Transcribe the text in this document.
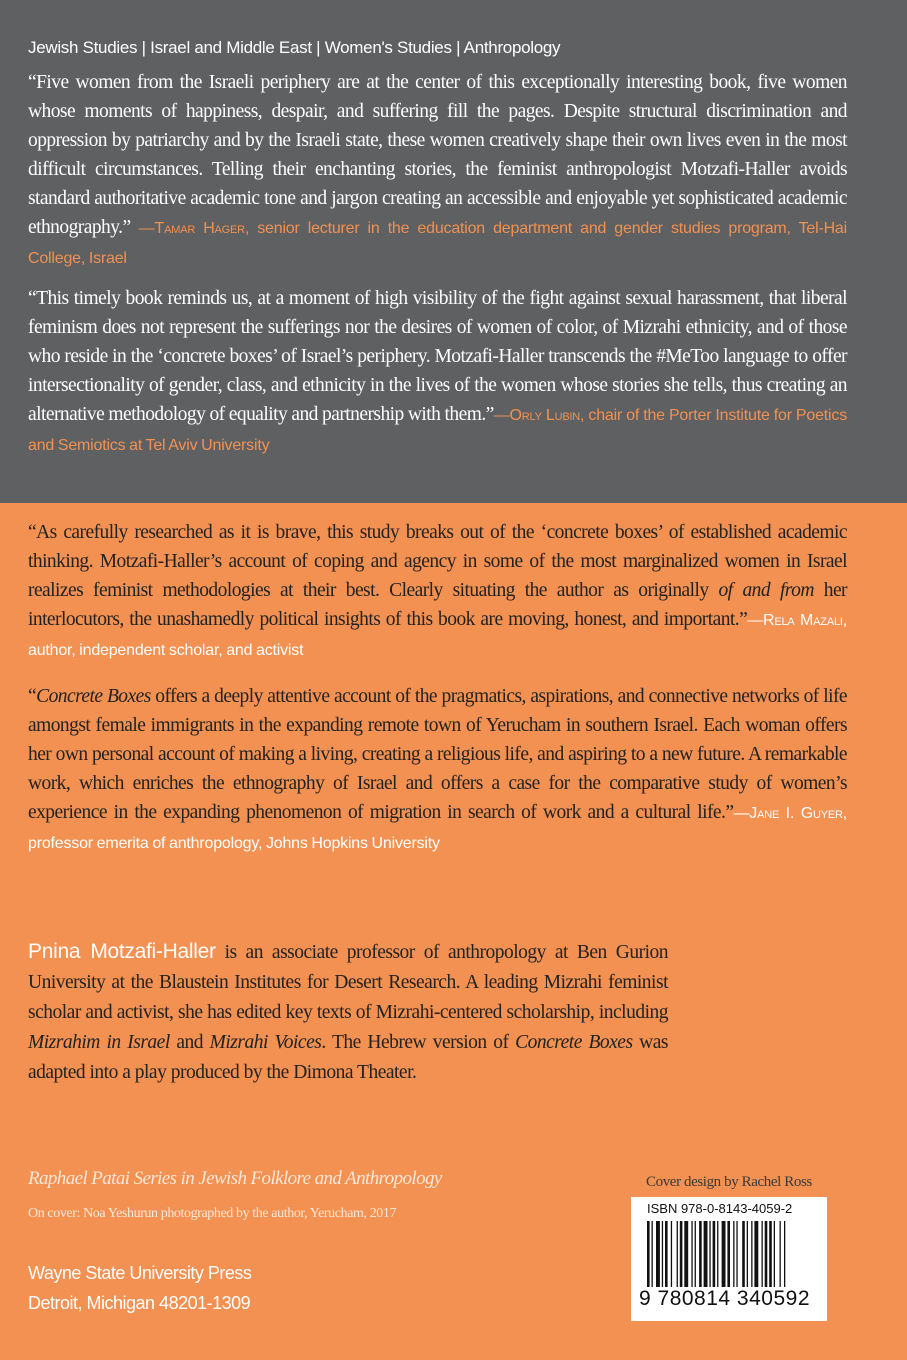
Jewish Studies | Israel and Middle East | Women's Studies | Anthropology
“Five women from the Israeli periphery are at the center of this exceptionally interesting book, five women whose moments of happiness, despair, and suffering fill the pages. Despite structural discrimination and oppression by patriarchy and by the Israeli state, these women creatively shape their own lives even in the most difficult circumstances. Telling their enchanting stories, the feminist anthropologist Motzafi-Haller avoids standard authoritative academic tone and jargon creating an accessible and enjoyable yet sophisticated academic ethnography.” —Tamar Hager, senior lecturer in the education department and gender studies program, Tel-Hai College, Israel
“This timely book reminds us, at a moment of high visibility of the fight against sexual harassment, that liberal feminism does not represent the sufferings nor the desires of women of color, of Mizrahi ethnicity, and of those who reside in the ‘concrete boxes’ of Israel’s periphery. Motzafi-Haller transcends the #MeToo language to offer intersectionality of gender, class, and ethnicity in the lives of the women whose stories she tells, thus creating an alternative methodology of equality and partnership with them.”—Orly Lubin, chair of the Porter Institute for Poetics and Semiotics at Tel Aviv University
“As carefully researched as it is brave, this study breaks out of the ‘concrete boxes’ of established academic thinking. Motzafi-Haller’s account of coping and agency in some of the most marginalized women in Israel realizes feminist methodologies at their best. Clearly situating the author as originally of and from her interlocutors, the unashamedly political insights of this book are moving, honest, and important.”—Rela Mazali, author, independent scholar, and activist
“Concrete Boxes offers a deeply attentive account of the pragmatics, aspirations, and connective networks of life amongst female immigrants in the expanding remote town of Yerucham in southern Israel. Each woman offers her own personal account of making a living, creating a religious life, and aspiring to a new future. A remarkable work, which enriches the ethnography of Israel and offers a case for the comparative study of women’s experience in the expanding phenomenon of migration in search of work and a cultural life.”—Jane I. Guyer, professor emerita of anthropology, Johns Hopkins University
Pnina Motzafi-Haller is an associate professor of anthropology at Ben Gurion University at the Blaustein Institutes for Desert Research. A leading Mizrahi feminist scholar and activist, she has edited key texts of Mizrahi-centered scholarship, including Mizrahim in Israel and Mizrahi Voices. The Hebrew version of Concrete Boxes was adapted into a play produced by the Dimona Theater.
Raphael Patai Series in Jewish Folklore and Anthropology
On cover: Noa Yeshurun photographed by the author, Yerucham, 2017
Wayne State University Press
Detroit, Michigan 48201-1309
Cover design by Rachel Ross
ISBN 978-0-8143-4059-2
9 780814 340592
